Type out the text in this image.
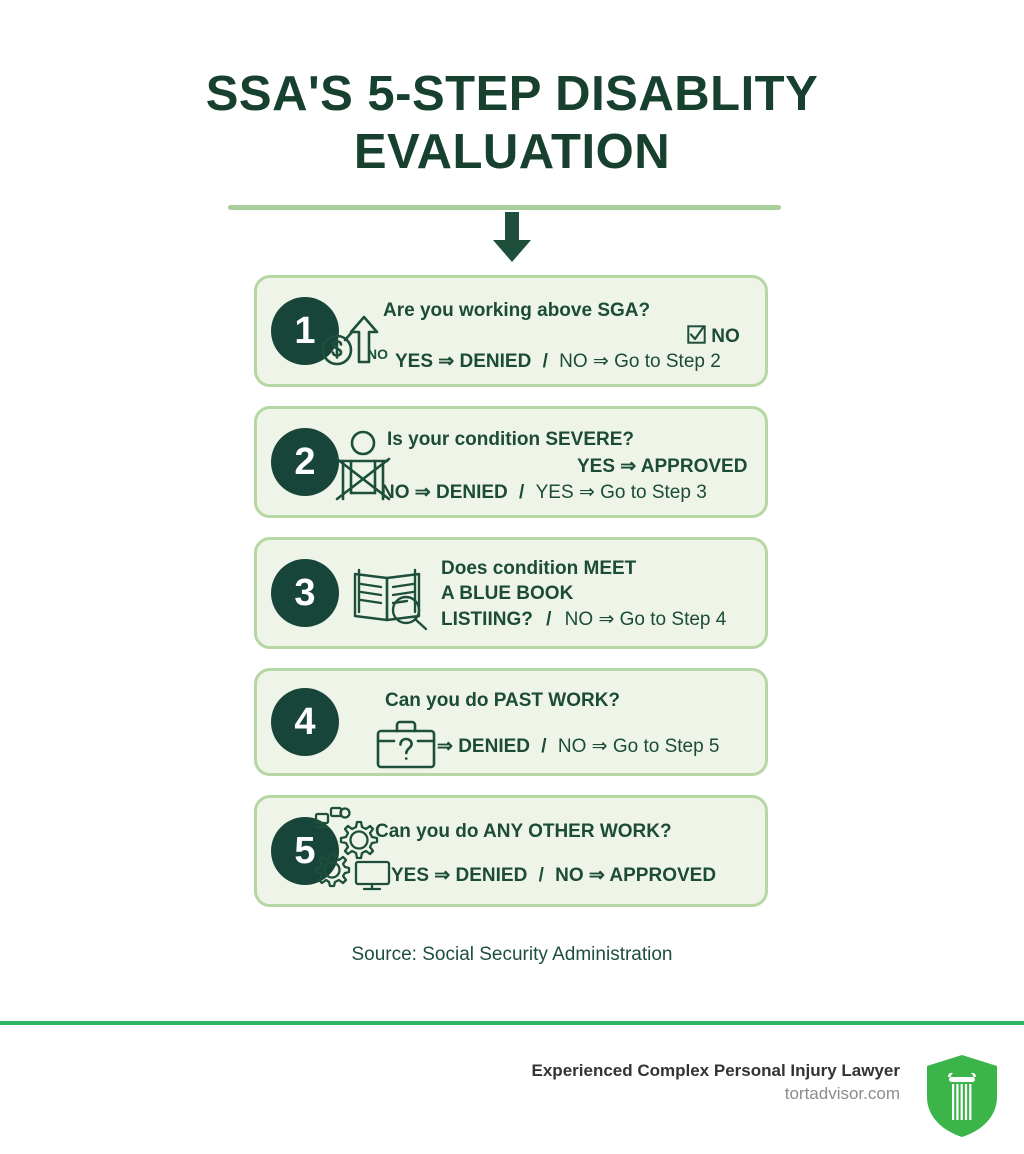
SSA'S 5-STEP DISABLITY
EVALUATION
1
NO
Are you working above SGA?
NO
YES ⇒ DENIED / NO ⇒ Go to Step 2
2
Is your condition SEVERE?
YES ⇒ APPROVED
NO ⇒ DENIED / YES ⇒ Go to Step 3
3
Does condition MEET
A BLUE BOOK
LISTIING? / NO ⇒ Go to Step 4
4
Can you do PAST WORK?
⇒ DENIED / NO ⇒ Go to Step 5
5	Can you do ANY OTHER WORK?
YES ⇒ DENIED / NO ⇒ APPROVED
Source: Social Security Administration
Experienced Complex Personal Injury Lawyer
tortadvisor.com
